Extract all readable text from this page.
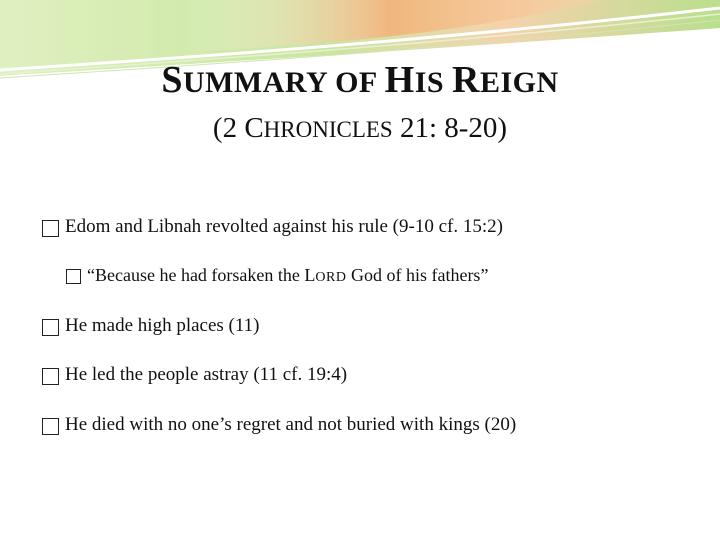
SUMMARY OF HIS REIGN
(2 CHRONICLES 21: 8-20)
Edom and Libnah revolted against his rule (9-10 cf. 15:2)
“Because he had forsaken the LORD God of his fathers”
He made high places (11)
He led the people astray (11 cf. 19:4)
He died with no one’s regret and not buried with kings (20)
